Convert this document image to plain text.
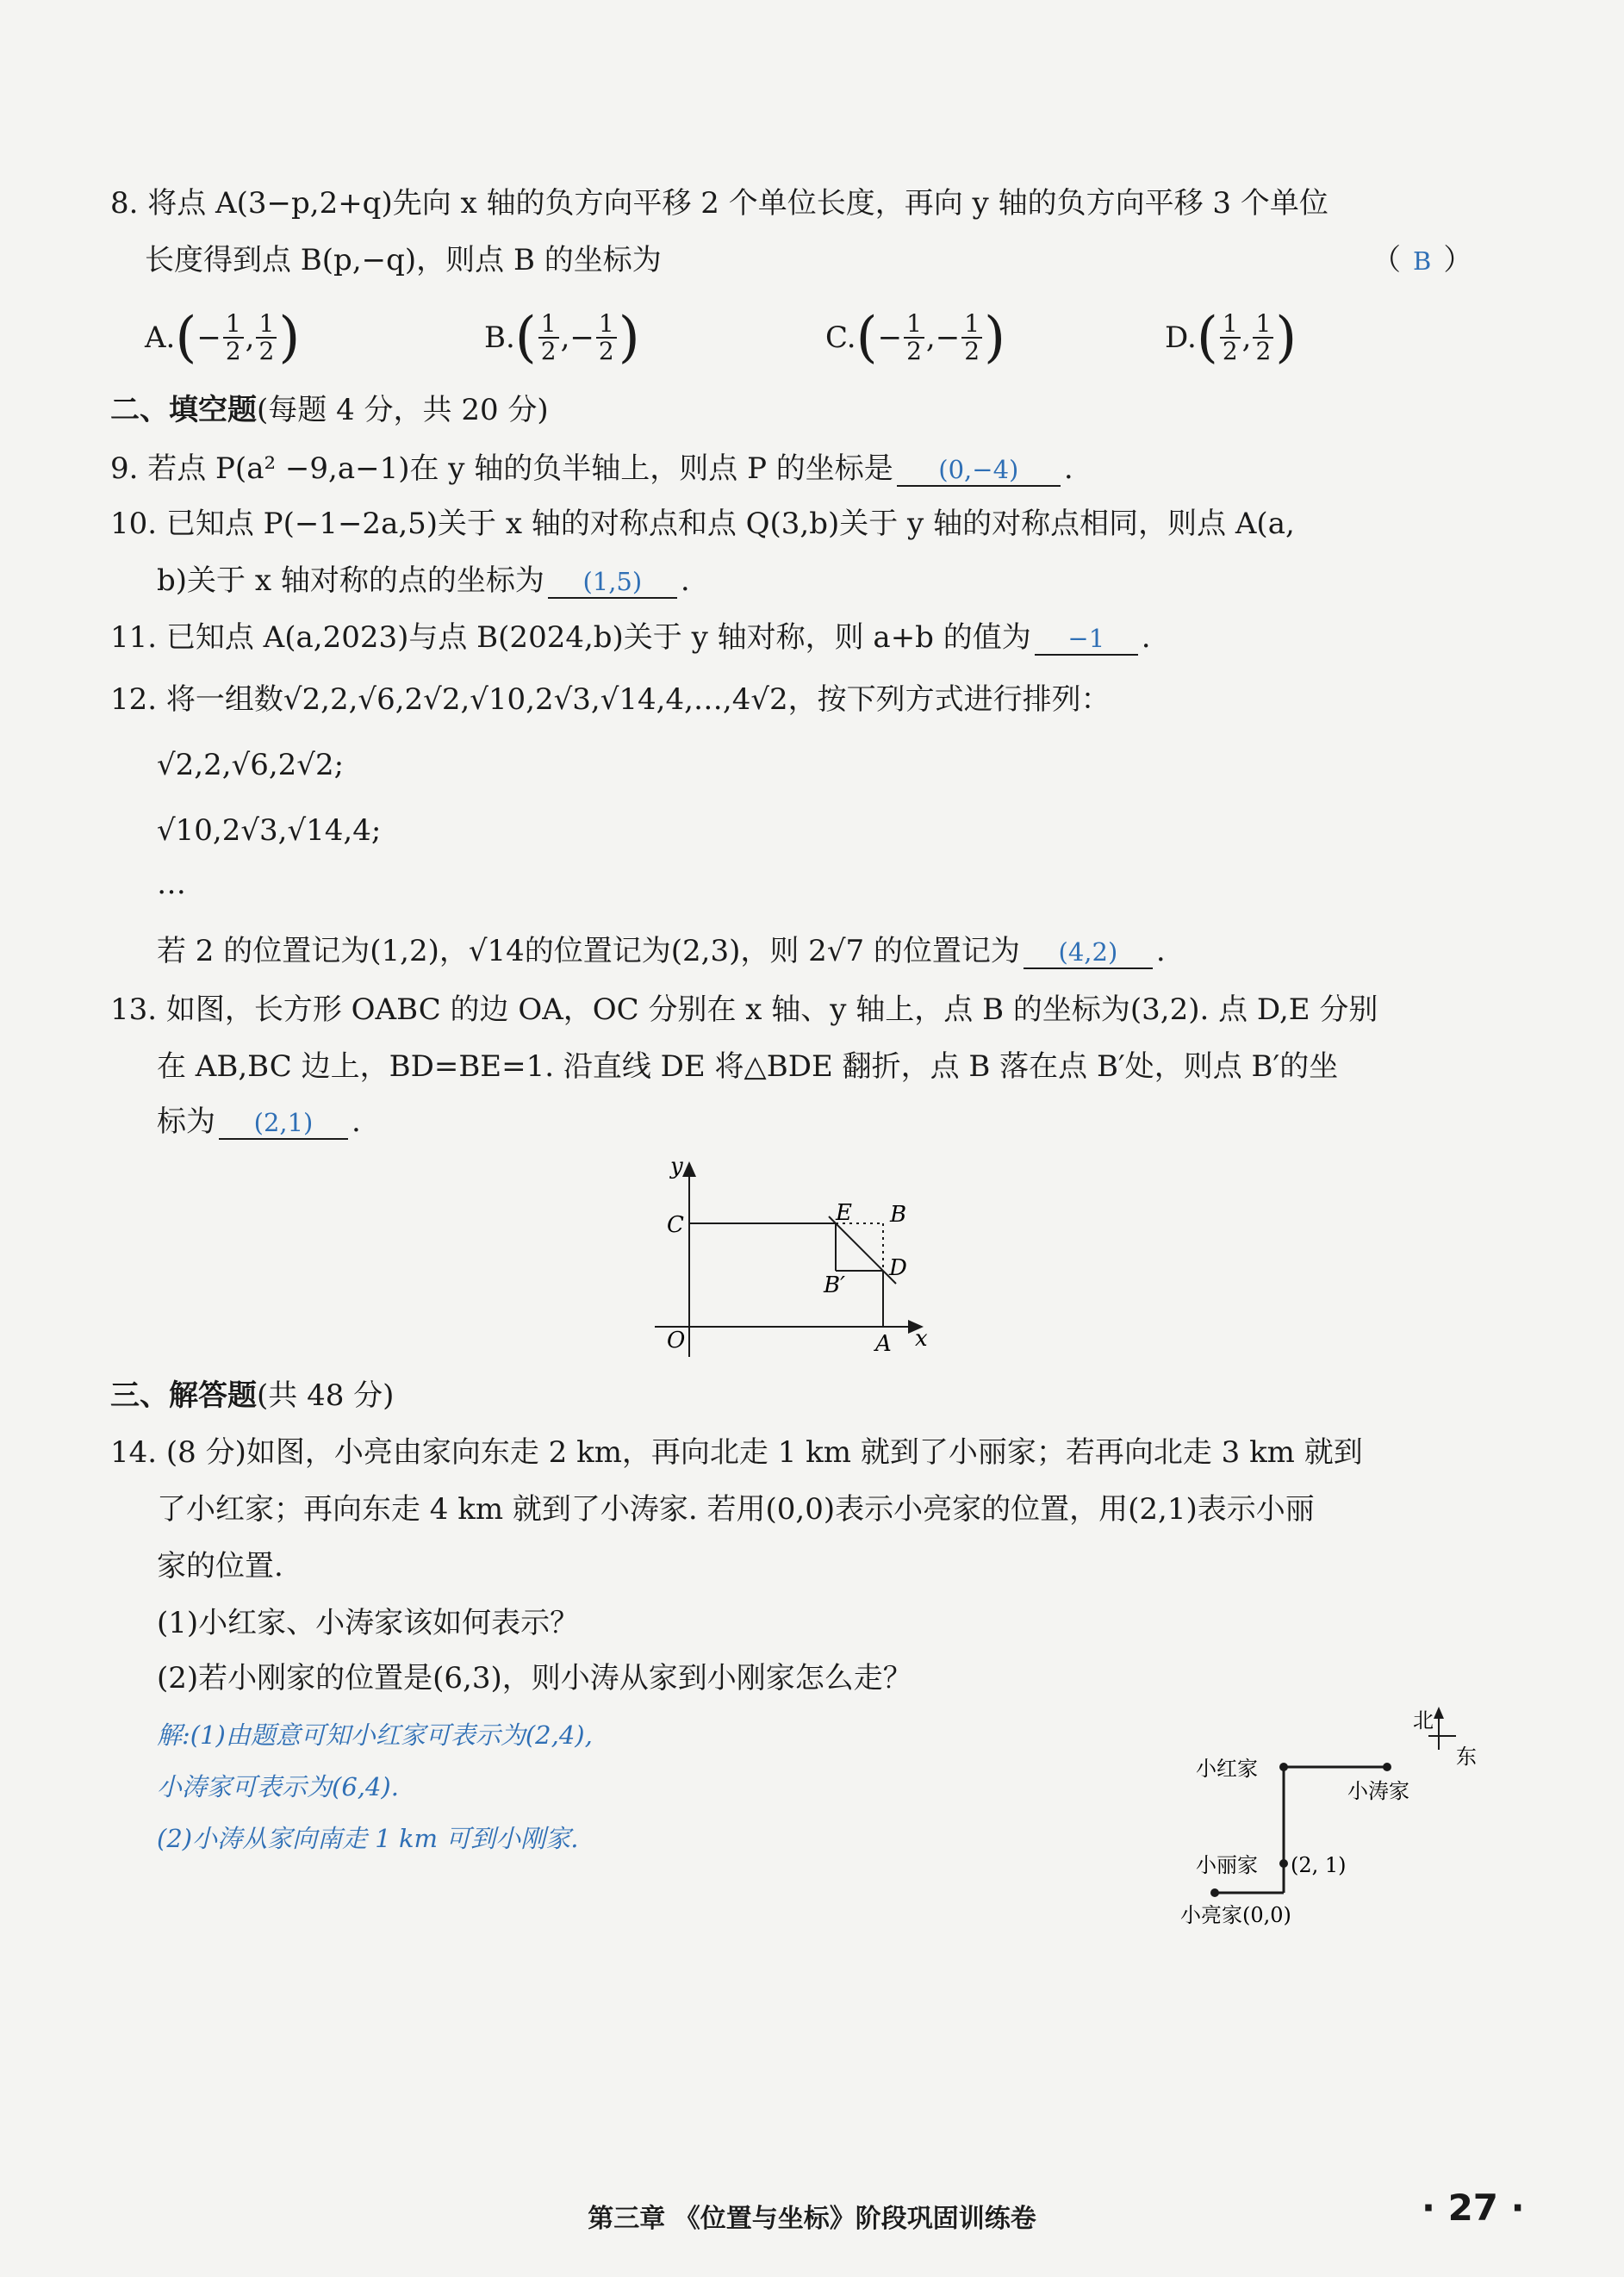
8. 将点 A(3−p,2+q)先向 x 轴的负方向平移 2 个单位长度，再向 y 轴的负方向平移 3 个单位
长度得到点 B(p,−q)，则点 B 的坐标为	（ B ）
A. ( − $\frac{1}{2}$ , $\frac{1}{2}$ )	B. ( $\frac{1}{2}$ , − $\frac{1}{2}$ )	C. ( − $\frac{1}{2}$ , − $\frac{1}{2}$ )	D. ( $\frac{1}{2}$ , $\frac{1}{2}$ )
二、填空题(每题 4 分，共 20 分)
9. 若点 P(a² −9,a−1)在 y 轴的负半轴上，则点 P 的坐标是 (0,−4) .
10. 已知点 P(−1−2a,5)关于 x 轴的对称点和点 Q(3,b)关于 y 轴的对称点相同，则点 A(a,
b)关于 x 轴对称的点的坐标为 (1,5) .
11. 已知点 A(a,2023)与点 B(2024,b)关于 y 轴对称，则 a+b 的值为 −1 .
12. 将一组数√2,2,√6,2√2,√10,2√3,√14,4,…,4√2，按下列方式进行排列：
√2,2,√6,2√2;
√10,2√3,√14,4;
…
若 2 的位置记为(1,2)，√14的位置记为(2,3)，则 2√7 的位置记为 (4,2) .
13. 如图，长方形 OABC 的边 OA，OC 分别在 x 轴、y 轴上，点 B 的坐标为(3,2). 点 D,E 分别
在 AB,BC 边上，BD=BE=1. 沿直线 DE 将△BDE 翻折，点 B 落在点 B′处，则点 B′的坐
标为 (2,1) .
y
x
C
O	A
E B
D
B′
三、解答题(共 48 分)
14. (8 分)如图，小亮由家向东走 2 km，再向北走 1 km 就到了小丽家；若再向北走 3 km 就到
了小红家；再向东走 4 km 就到了小涛家. 若用(0,0)表示小亮家的位置，用(2,1)表示小丽
家的位置.
(1)小红家、小涛家该如何表示？
(2)若小刚家的位置是(6,3)，则小涛从家到小刚家怎么走？
解:(1)由题意可知小红家可表示为(2,4),
小涛家可表示为(6,4).
(2)小涛从家向南走 1 km 可到小刚家.
北
东
小红家
小涛家
小丽家 (2, 1)
小亮家(0,0)
第三章 《位置与坐标》阶段巩固训练卷	· 27 ·
